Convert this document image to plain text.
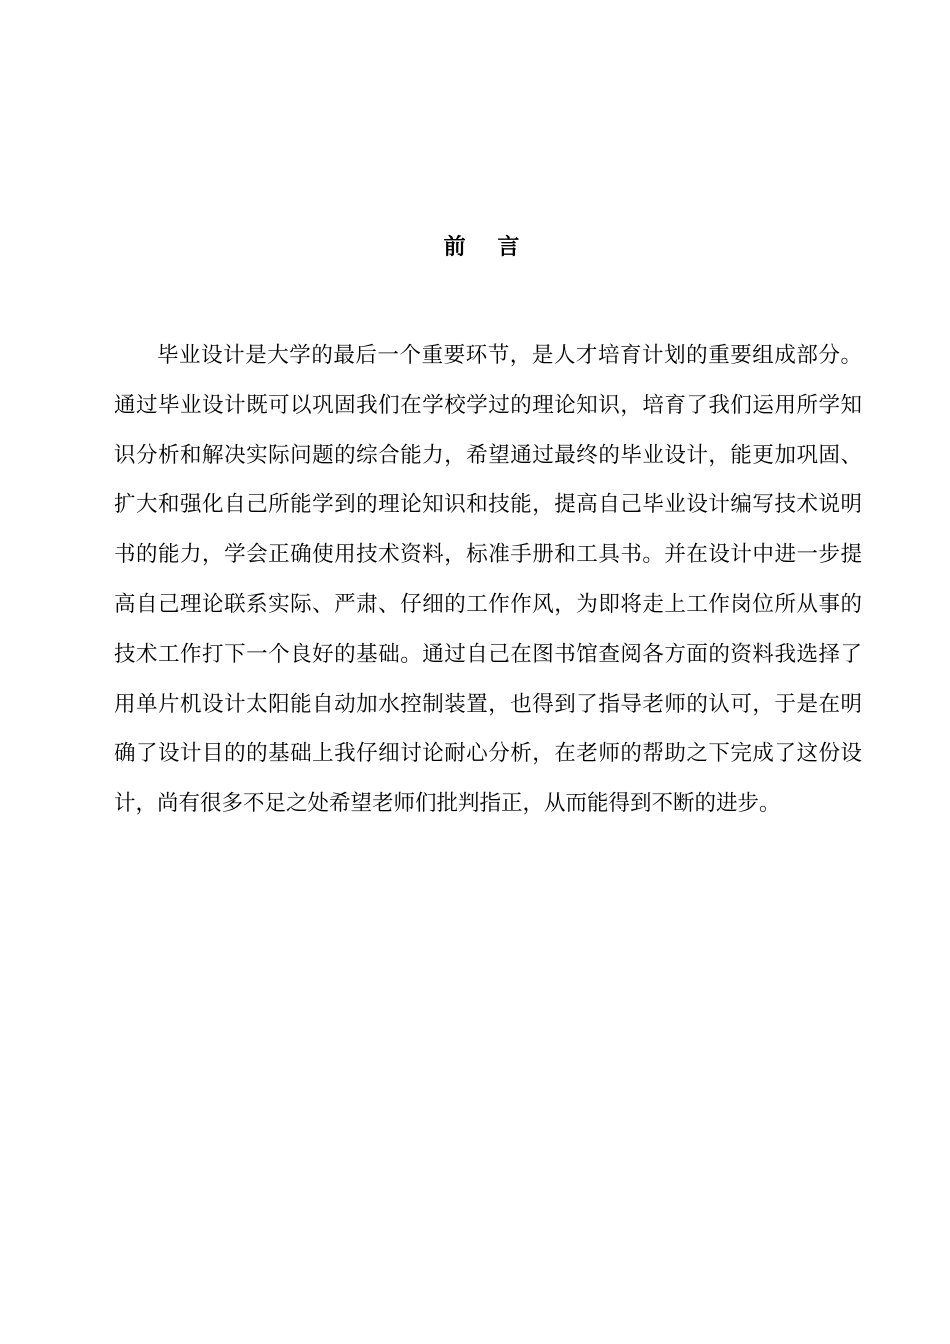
前 言

毕业设计是大学的最后一个重要环节，是人才培育计划的重要组成部分。通过毕业设计既可以巩固我们在学校学过的理论知识，培育了我们运用所学知识分析和解决实际问题的综合能力，希望通过最终的毕业设计，能更加巩固、扩大和强化自己所能学到的理论知识和技能，提高自己毕业设计编写技术说明书的能力，学会正确使用技术资料，标准手册和工具书。并在设计中进一步提高自己理论联系实际、严肃、仔细的工作作风，为即将走上工作岗位所从事的技术工作打下一个良好的基础。通过自己在图书馆查阅各方面的资料我选择了用单片机设计太阳能自动加水控制装置，也得到了指导老师的认可，于是在明确了设计目的的基础上我仔细讨论耐心分析，在老师的帮助之下完成了这份设计，尚有很多不足之处希望老师们批判指正，从而能得到不断的进步。
